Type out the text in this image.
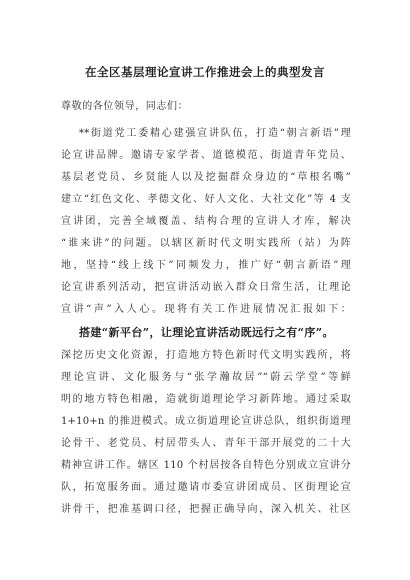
在全区基层理论宣讲工作推进会上的典型发言

尊敬的各位领导，同志们：

**街道党工委精心建强宣讲队伍，打造“朝言新语”理

论宣讲品牌。邀请专家学者、道德模范、街道青年党员、

基层老党员、乡贤能人以及挖掘群众身边的“草根名嘴”

建立“红色文化、孝德文化、好人文化、大社文化”等 4 支

宣讲团，完善全域覆盖、结构合理的宣讲人才库，解决

“谁来讲”的问题。以辖区新时代文明实践所（站）为阵

地，坚持“线上线下”同频发力，推广好“朝言新语”理

论宣讲系列活动，把宣讲活动嵌入群众日常生活，让理论

宣讲“声”入人心。现将有关工作进展情况汇报如下：

搭建“新平台”，让理论宣讲活动既远行之有“序”。

深挖历史文化资源，打造地方特色新时代文明实践所，将

理论宣讲、文化服务与“张学瀚故居”“蔚云学堂”等鲜

明的地方特色相融，造就街道理论学习新阵地。通过采取

1+10+n 的推进模式。成立街道理论宣讲总队，组织街道理

论骨干、老党员、村居带头人、青年干部开展党的二十大

精神宣讲工作。辖区 110 个村居按各自特色分别成立宣讲分

队，拓宽服务面。通过邀请市委宣讲团成员、区街理论宣

讲骨干，把准基调口径，把握正确导向，深入机关、社区
